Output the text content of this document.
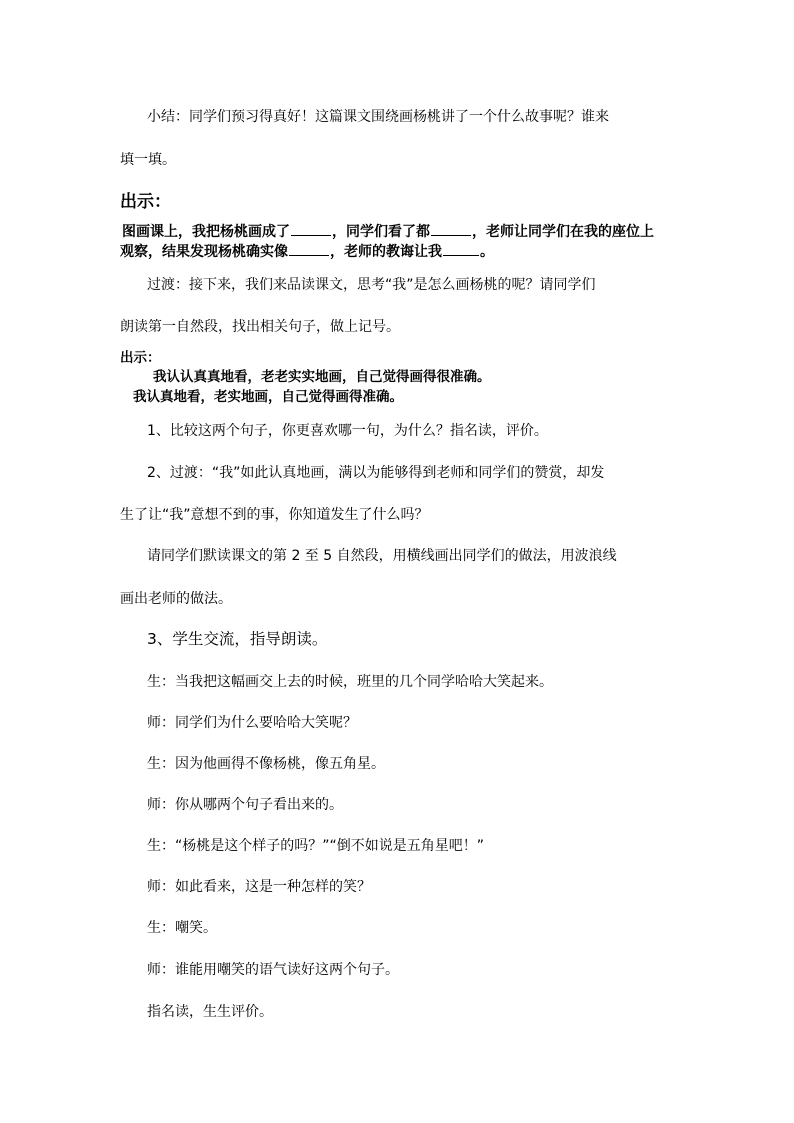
小结：同学们预习得真好！这篇课文围绕画杨桃讲了一个什么故事呢？谁来
填一填。
出示：
图画课上，我把杨桃画成了	，同学们看了都	，老师让同学们在我的座位上
观察，结果发现杨桃确实像	，老师的教诲让我	。
过渡：接下来，我们来品读课文，思考“我”是怎么画杨桃的呢？请同学们
朗读第一自然段，找出相关句子，做上记号。
出示：
我认认真真地看，老老实实地画，自己觉得画得很准确。
我认真地看，老实地画，自己觉得画得准确。
1、比较这两个句子，你更喜欢哪一句，为什么？指名读，评价。
2、过渡：“我”如此认真地画，满以为能够得到老师和同学们的赞赏，却发
生了让“我”意想不到的事，你知道发生了什么吗？
请同学们默读课文的第 2 至 5 自然段，用横线画出同学们的做法，用波浪线
画出老师的做法。
3、学生交流，指导朗读。
生：当我把这幅画交上去的时候，班里的几个同学哈哈大笑起来。
师：同学们为什么要哈哈大笑呢？
生：因为他画得不像杨桃，像五角星。
师：你从哪两个句子看出来的。
生：“杨桃是这个样子的吗？”“倒不如说是五角星吧！”
师：如此看来，这是一种怎样的笑？
生：嘲笑。
师：谁能用嘲笑的语气读好这两个句子。
指名读，生生评价。
